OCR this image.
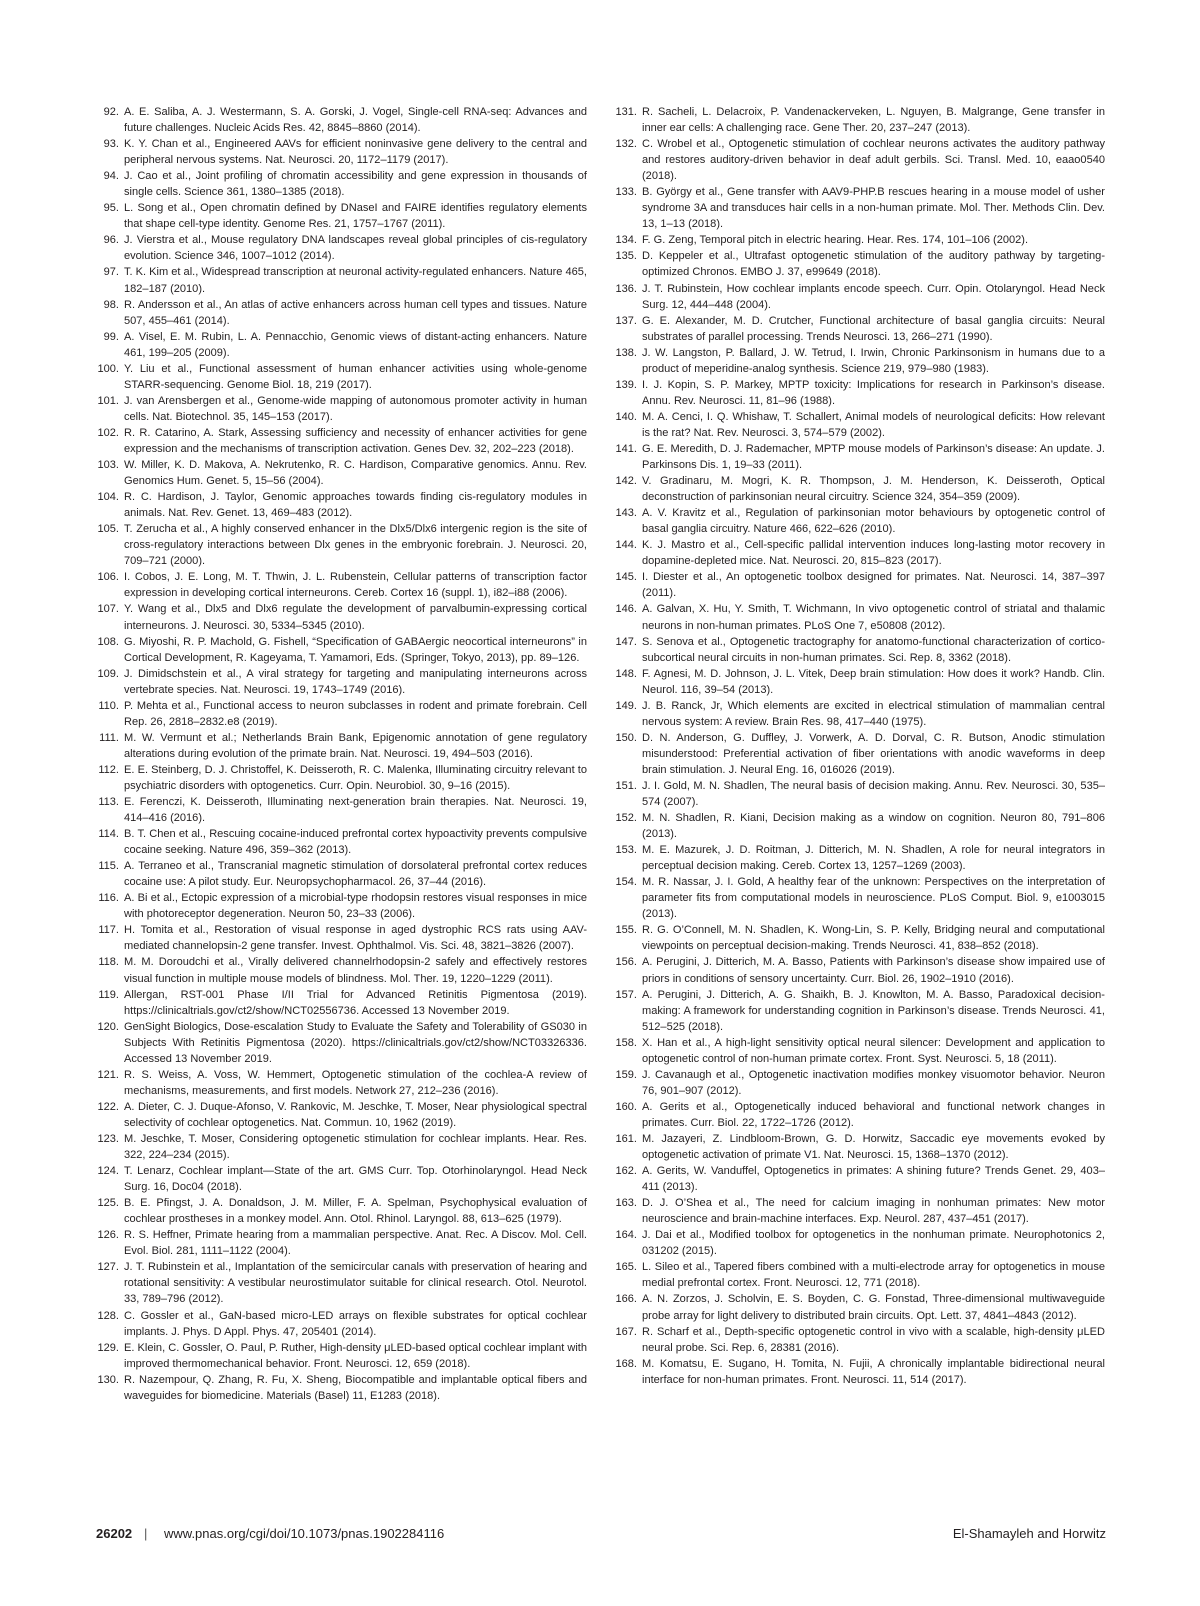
92. A. E. Saliba, A. J. Westermann, S. A. Gorski, J. Vogel, Single-cell RNA-seq: Advances and future challenges. Nucleic Acids Res. 42, 8845–8860 (2014).
93. K. Y. Chan et al., Engineered AAVs for efficient noninvasive gene delivery to the central and peripheral nervous systems. Nat. Neurosci. 20, 1172–1179 (2017).
94. J. Cao et al., Joint profiling of chromatin accessibility and gene expression in thousands of single cells. Science 361, 1380–1385 (2018).
95. L. Song et al., Open chromatin defined by DNaseI and FAIRE identifies regulatory elements that shape cell-type identity. Genome Res. 21, 1757–1767 (2011).
96. J. Vierstra et al., Mouse regulatory DNA landscapes reveal global principles of cis-regulatory evolution. Science 346, 1007–1012 (2014).
97. T. K. Kim et al., Widespread transcription at neuronal activity-regulated enhancers. Nature 465, 182–187 (2010).
98. R. Andersson et al., An atlas of active enhancers across human cell types and tissues. Nature 507, 455–461 (2014).
99. A. Visel, E. M. Rubin, L. A. Pennacchio, Genomic views of distant-acting enhancers. Nature 461, 199–205 (2009).
100. Y. Liu et al., Functional assessment of human enhancer activities using whole-genome STARR-sequencing. Genome Biol. 18, 219 (2017).
101. J. van Arensbergen et al., Genome-wide mapping of autonomous promoter activity in human cells. Nat. Biotechnol. 35, 145–153 (2017).
102. R. R. Catarino, A. Stark, Assessing sufficiency and necessity of enhancer activities for gene expression and the mechanisms of transcription activation. Genes Dev. 32, 202–223 (2018).
103. W. Miller, K. D. Makova, A. Nekrutenko, R. C. Hardison, Comparative genomics. Annu. Rev. Genomics Hum. Genet. 5, 15–56 (2004).
104. R. C. Hardison, J. Taylor, Genomic approaches towards finding cis-regulatory modules in animals. Nat. Rev. Genet. 13, 469–483 (2012).
105. T. Zerucha et al., A highly conserved enhancer in the Dlx5/Dlx6 intergenic region is the site of cross-regulatory interactions between Dlx genes in the embryonic forebrain. J. Neurosci. 20, 709–721 (2000).
106. I. Cobos, J. E. Long, M. T. Thwin, J. L. Rubenstein, Cellular patterns of transcription factor expression in developing cortical interneurons. Cereb. Cortex 16 (suppl. 1), i82–i88 (2006).
107. Y. Wang et al., Dlx5 and Dlx6 regulate the development of parvalbumin-expressing cortical interneurons. J. Neurosci. 30, 5334–5345 (2010).
108. G. Miyoshi, R. P. Machold, G. Fishell, “Specification of GABAergic neocortical interneurons” in Cortical Development, R. Kageyama, T. Yamamori, Eds. (Springer, Tokyo, 2013), pp. 89–126.
109. J. Dimidschstein et al., A viral strategy for targeting and manipulating interneurons across vertebrate species. Nat. Neurosci. 19, 1743–1749 (2016).
110. P. Mehta et al., Functional access to neuron subclasses in rodent and primate forebrain. Cell Rep. 26, 2818–2832.e8 (2019).
111. M. W. Vermunt et al.; Netherlands Brain Bank, Epigenomic annotation of gene regulatory alterations during evolution of the primate brain. Nat. Neurosci. 19, 494–503 (2016).
112. E. E. Steinberg, D. J. Christoffel, K. Deisseroth, R. C. Malenka, Illuminating circuitry relevant to psychiatric disorders with optogenetics. Curr. Opin. Neurobiol. 30, 9–16 (2015).
113. E. Ferenczi, K. Deisseroth, Illuminating next-generation brain therapies. Nat. Neurosci. 19, 414–416 (2016).
114. B. T. Chen et al., Rescuing cocaine-induced prefrontal cortex hypoactivity prevents compulsive cocaine seeking. Nature 496, 359–362 (2013).
115. A. Terraneo et al., Transcranial magnetic stimulation of dorsolateral prefrontal cortex reduces cocaine use: A pilot study. Eur. Neuropsychopharmacol. 26, 37–44 (2016).
116. A. Bi et al., Ectopic expression of a microbial-type rhodopsin restores visual responses in mice with photoreceptor degeneration. Neuron 50, 23–33 (2006).
117. H. Tomita et al., Restoration of visual response in aged dystrophic RCS rats using AAV-mediated channelopsin-2 gene transfer. Invest. Ophthalmol. Vis. Sci. 48, 3821–3826 (2007).
118. M. M. Doroudchi et al., Virally delivered channelrhodopsin-2 safely and effectively restores visual function in multiple mouse models of blindness. Mol. Ther. 19, 1220–1229 (2011).
119. Allergan, RST-001 Phase I/II Trial for Advanced Retinitis Pigmentosa (2019). https://clinicaltrials.gov/ct2/show/NCT02556736. Accessed 13 November 2019.
120. GenSight Biologics, Dose-escalation Study to Evaluate the Safety and Tolerability of GS030 in Subjects With Retinitis Pigmentosa (2020). https://clinicaltrials.gov/ct2/show/NCT03326336. Accessed 13 November 2019.
121. R. S. Weiss, A. Voss, W. Hemmert, Optogenetic stimulation of the cochlea-A review of mechanisms, measurements, and first models. Network 27, 212–236 (2016).
122. A. Dieter, C. J. Duque-Afonso, V. Rankovic, M. Jeschke, T. Moser, Near physiological spectral selectivity of cochlear optogenetics. Nat. Commun. 10, 1962 (2019).
123. M. Jeschke, T. Moser, Considering optogenetic stimulation for cochlear implants. Hear. Res. 322, 224–234 (2015).
124. T. Lenarz, Cochlear implant—State of the art. GMS Curr. Top. Otorhinolaryngol. Head Neck Surg. 16, Doc04 (2018).
125. B. E. Pfingst, J. A. Donaldson, J. M. Miller, F. A. Spelman, Psychophysical evaluation of cochlear prostheses in a monkey model. Ann. Otol. Rhinol. Laryngol. 88, 613–625 (1979).
126. R. S. Heffner, Primate hearing from a mammalian perspective. Anat. Rec. A Discov. Mol. Cell. Evol. Biol. 281, 1111–1122 (2004).
127. J. T. Rubinstein et al., Implantation of the semicircular canals with preservation of hearing and rotational sensitivity: A vestibular neurostimulator suitable for clinical research. Otol. Neurotol. 33, 789–796 (2012).
128. C. Gossler et al., GaN-based micro-LED arrays on flexible substrates for optical cochlear implants. J. Phys. D Appl. Phys. 47, 205401 (2014).
129. E. Klein, C. Gossler, O. Paul, P. Ruther, High-density μLED-based optical cochlear implant with improved thermomechanical behavior. Front. Neurosci. 12, 659 (2018).
130. R. Nazempour, Q. Zhang, R. Fu, X. Sheng, Biocompatible and implantable optical fibers and waveguides for biomedicine. Materials (Basel) 11, E1283 (2018).
131. R. Sacheli, L. Delacroix, P. Vandenackerveken, L. Nguyen, B. Malgrange, Gene transfer in inner ear cells: A challenging race. Gene Ther. 20, 237–247 (2013).
132. C. Wrobel et al., Optogenetic stimulation of cochlear neurons activates the auditory pathway and restores auditory-driven behavior in deaf adult gerbils. Sci. Transl. Med. 10, eaao0540 (2018).
133. B. György et al., Gene transfer with AAV9-PHP.B rescues hearing in a mouse model of usher syndrome 3A and transduces hair cells in a non-human primate. Mol. Ther. Methods Clin. Dev. 13, 1–13 (2018).
134. F. G. Zeng, Temporal pitch in electric hearing. Hear. Res. 174, 101–106 (2002).
135. D. Keppeler et al., Ultrafast optogenetic stimulation of the auditory pathway by targeting-optimized Chronos. EMBO J. 37, e99649 (2018).
136. J. T. Rubinstein, How cochlear implants encode speech. Curr. Opin. Otolaryngol. Head Neck Surg. 12, 444–448 (2004).
137. G. E. Alexander, M. D. Crutcher, Functional architecture of basal ganglia circuits: Neural substrates of parallel processing. Trends Neurosci. 13, 266–271 (1990).
138. J. W. Langston, P. Ballard, J. W. Tetrud, I. Irwin, Chronic Parkinsonism in humans due to a product of meperidine-analog synthesis. Science 219, 979–980 (1983).
139. I. J. Kopin, S. P. Markey, MPTP toxicity: Implications for research in Parkinson’s disease. Annu. Rev. Neurosci. 11, 81–96 (1988).
140. M. A. Cenci, I. Q. Whishaw, T. Schallert, Animal models of neurological deficits: How relevant is the rat? Nat. Rev. Neurosci. 3, 574–579 (2002).
141. G. E. Meredith, D. J. Rademacher, MPTP mouse models of Parkinson’s disease: An update. J. Parkinsons Dis. 1, 19–33 (2011).
142. V. Gradinaru, M. Mogri, K. R. Thompson, J. M. Henderson, K. Deisseroth, Optical deconstruction of parkinsonian neural circuitry. Science 324, 354–359 (2009).
143. A. V. Kravitz et al., Regulation of parkinsonian motor behaviours by optogenetic control of basal ganglia circuitry. Nature 466, 622–626 (2010).
144. K. J. Mastro et al., Cell-specific pallidal intervention induces long-lasting motor recovery in dopamine-depleted mice. Nat. Neurosci. 20, 815–823 (2017).
145. I. Diester et al., An optogenetic toolbox designed for primates. Nat. Neurosci. 14, 387–397 (2011).
146. A. Galvan, X. Hu, Y. Smith, T. Wichmann, In vivo optogenetic control of striatal and thalamic neurons in non-human primates. PLoS One 7, e50808 (2012).
147. S. Senova et al., Optogenetic tractography for anatomo-functional characterization of cortico-subcortical neural circuits in non-human primates. Sci. Rep. 8, 3362 (2018).
148. F. Agnesi, M. D. Johnson, J. L. Vitek, Deep brain stimulation: How does it work? Handb. Clin. Neurol. 116, 39–54 (2013).
149. J. B. Ranck, Jr, Which elements are excited in electrical stimulation of mammalian central nervous system: A review. Brain Res. 98, 417–440 (1975).
150. D. N. Anderson, G. Duffley, J. Vorwerk, A. D. Dorval, C. R. Butson, Anodic stimulation misunderstood: Preferential activation of fiber orientations with anodic waveforms in deep brain stimulation. J. Neural Eng. 16, 016026 (2019).
151. J. I. Gold, M. N. Shadlen, The neural basis of decision making. Annu. Rev. Neurosci. 30, 535–574 (2007).
152. M. N. Shadlen, R. Kiani, Decision making as a window on cognition. Neuron 80, 791–806 (2013).
153. M. E. Mazurek, J. D. Roitman, J. Ditterich, M. N. Shadlen, A role for neural integrators in perceptual decision making. Cereb. Cortex 13, 1257–1269 (2003).
154. M. R. Nassar, J. I. Gold, A healthy fear of the unknown: Perspectives on the interpretation of parameter fits from computational models in neuroscience. PLoS Comput. Biol. 9, e1003015 (2013).
155. R. G. O’Connell, M. N. Shadlen, K. Wong-Lin, S. P. Kelly, Bridging neural and computational viewpoints on perceptual decision-making. Trends Neurosci. 41, 838–852 (2018).
156. A. Perugini, J. Ditterich, M. A. Basso, Patients with Parkinson’s disease show impaired use of priors in conditions of sensory uncertainty. Curr. Biol. 26, 1902–1910 (2016).
157. A. Perugini, J. Ditterich, A. G. Shaikh, B. J. Knowlton, M. A. Basso, Paradoxical decision-making: A framework for understanding cognition in Parkinson’s disease. Trends Neurosci. 41, 512–525 (2018).
158. X. Han et al., A high-light sensitivity optical neural silencer: Development and application to optogenetic control of non-human primate cortex. Front. Syst. Neurosci. 5, 18 (2011).
159. J. Cavanaugh et al., Optogenetic inactivation modifies monkey visuomotor behavior. Neuron 76, 901–907 (2012).
160. A. Gerits et al., Optogenetically induced behavioral and functional network changes in primates. Curr. Biol. 22, 1722–1726 (2012).
161. M. Jazayeri, Z. Lindbloom-Brown, G. D. Horwitz, Saccadic eye movements evoked by optogenetic activation of primate V1. Nat. Neurosci. 15, 1368–1370 (2012).
162. A. Gerits, W. Vanduffel, Optogenetics in primates: A shining future? Trends Genet. 29, 403–411 (2013).
163. D. J. O’Shea et al., The need for calcium imaging in nonhuman primates: New motor neuroscience and brain-machine interfaces. Exp. Neurol. 287, 437–451 (2017).
164. J. Dai et al., Modified toolbox for optogenetics in the nonhuman primate. Neurophotonics 2, 031202 (2015).
165. L. Sileo et al., Tapered fibers combined with a multi-electrode array for optogenetics in mouse medial prefrontal cortex. Front. Neurosci. 12, 771 (2018).
166. A. N. Zorzos, J. Scholvin, E. S. Boyden, C. G. Fonstad, Three-dimensional multiwaveguide probe array for light delivery to distributed brain circuits. Opt. Lett. 37, 4841–4843 (2012).
167. R. Scharf et al., Depth-specific optogenetic control in vivo with a scalable, high-density μLED neural probe. Sci. Rep. 6, 28381 (2016).
168. M. Komatsu, E. Sugano, H. Tomita, N. Fujii, A chronically implantable bidirectional neural interface for non-human primates. Front. Neurosci. 11, 514 (2017).
26202 | www.pnas.org/cgi/doi/10.1073/pnas.1902284116	El-Shamayleh and Horwitz
